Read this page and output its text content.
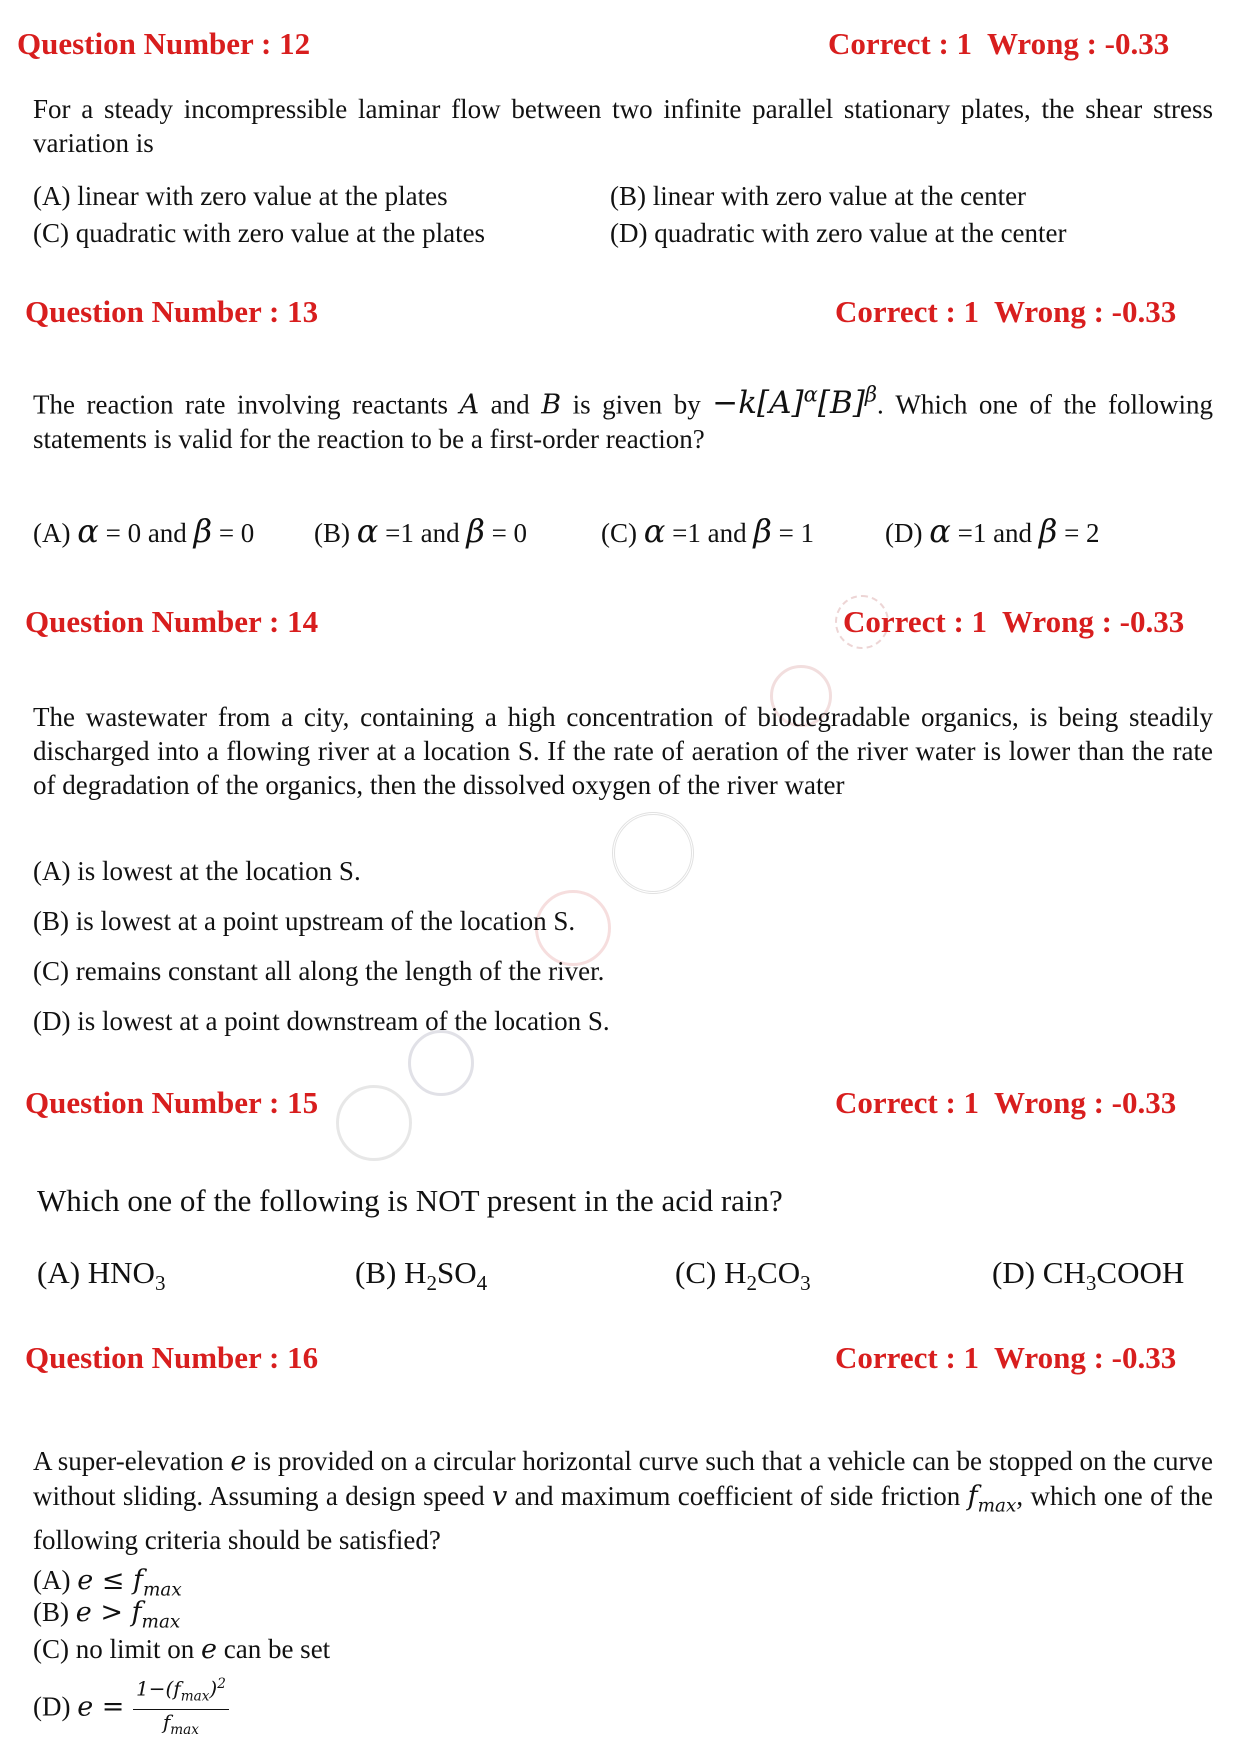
Question Number : 12	Correct : 1  Wrong : -0.33
For a steady incompressible laminar flow between two infinite parallel stationary plates, the shear stress variation is
(A) linear with zero value at the plates	(B) linear with zero value at the center
(C) quadratic with zero value at the plates	(D) quadratic with zero value at the center
Question Number : 13	Correct : 1  Wrong : -0.33
The reaction rate involving reactants A and B is given by $-k[A]^\alpha[B]^\beta$. Which one of the following statements is valid for the reaction to be a first-order reaction?
(A) α = 0 and β = 0 (B) α =1 and β = 0	(C) α =1 and β = 1	(D) α =1 and β = 2
Question Number : 14	Correct : 1  Wrong : -0.33
The wastewater from a city, containing a high concentration of biodegradable organics, is being steadily discharged into a flowing river at a location S. If the rate of aeration of the river water is lower than the rate of degradation of the organics, then the dissolved oxygen of the river water
(A) is lowest at the location S.
(B) is lowest at a point upstream of the location S.
(C) remains constant all along the length of the river.
(D) is lowest at a point downstream of the location S.
Question Number : 15	Correct : 1  Wrong : -0.33
Which one of the following is NOT present in the acid rain?
(A) $HNO_3$	(B) $H_2SO_4$	(C) $H_2CO_3$	(D) $CH_3COOH$
Question Number : 16	Correct : 1  Wrong : -0.33
A super-elevation e is provided on a circular horizontal curve such that a vehicle can be stopped on the curve without sliding. Assuming a design speed v and maximum coefficient of side friction $f_{max}$, which one of the following criteria should be satisfied?
(A) $e \le f_{max}$
(B) $e > f_{max}$
(C) no limit on e can be set
(D) $e = \frac{1-(f_{max})^2}{f_{max}}$
